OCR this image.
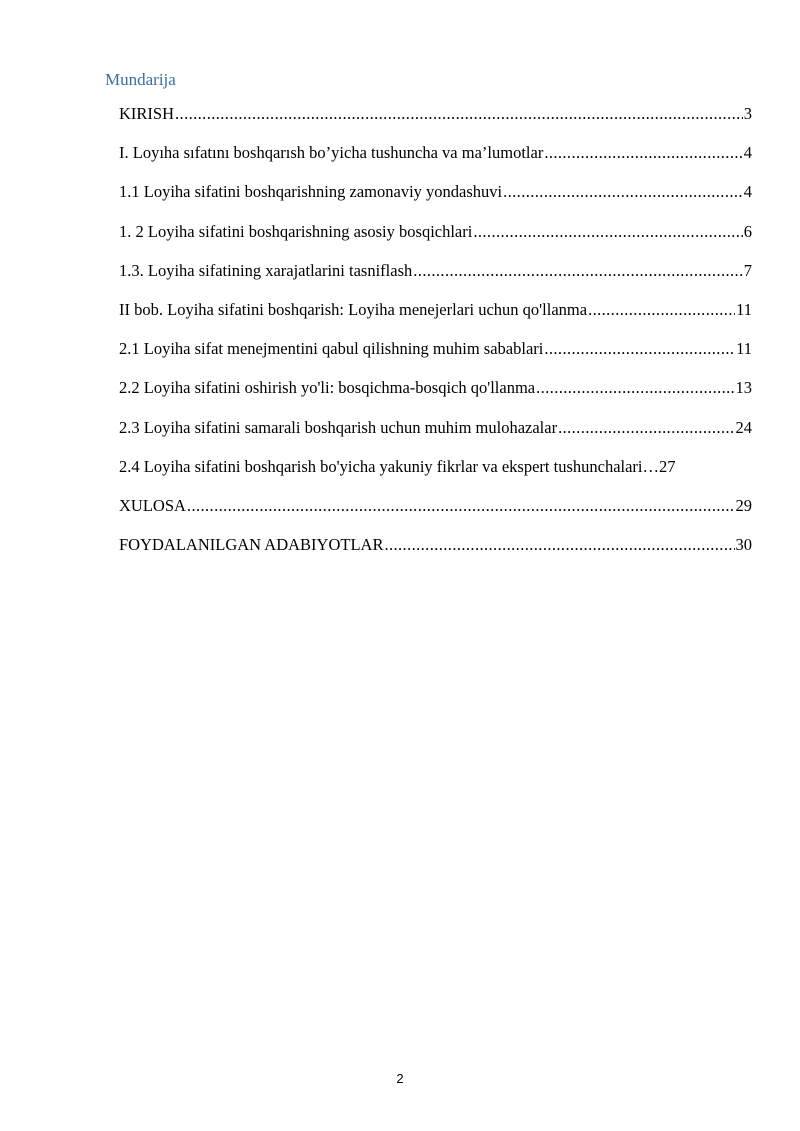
Mundarija
KIRISH .....	3
I. Loyıha sıfatını boshqarısh bo’yicha tushuncha va ma’lumotlar .....	4
1.1 Loyiha sifatini boshqarishning zamonaviy yondashuvi .....	4
1. 2 Loyiha sifatini boshqarishning asosiy bosqichlari .....	6
1.3. Loyiha sifatining xarajatlarini tasniflash .....	7
II bob. Loyiha sifatini boshqarish: Loyiha menejerlari uchun qo'llanma .....	11
2.1 Loyiha sifat menejmentini qabul qilishning muhim sabablari .....	11
2.2 Loyiha sifatini oshirish yo'li: bosqichma-bosqich qo'llanma .....	13
2.3 Loyiha sifatini samarali boshqarish uchun muhim mulohazalar .....	24
2.4 Loyiha sifatini boshqarish bo'yicha yakuniy fikrlar va ekspert tushunchalari … 27
XULOSA .....	29
FOYDALANILGAN ADABIYOTLAR .....	30
2
